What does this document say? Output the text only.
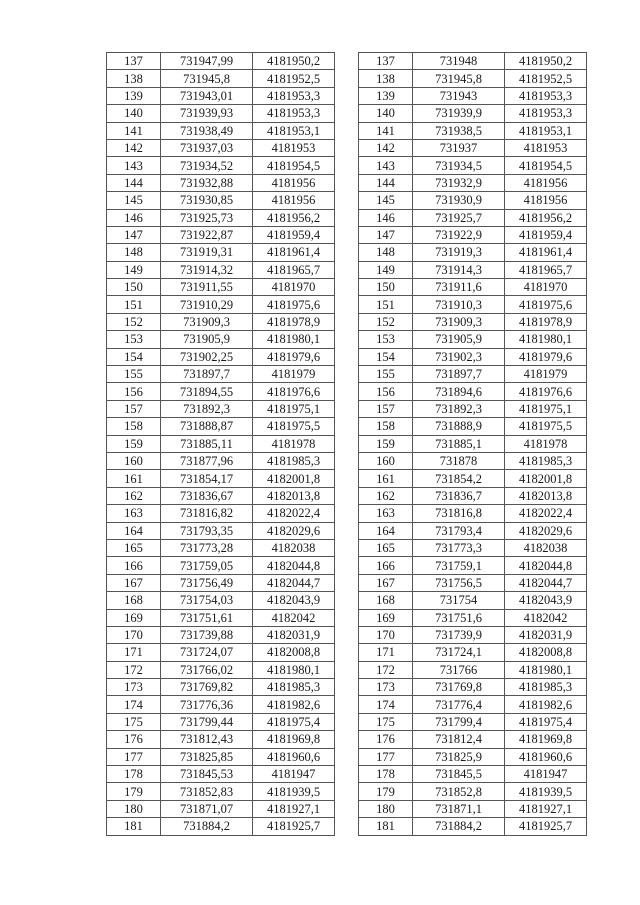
137	731947,99	4181950,2		137	731948	4181950,2
138	731945,8	4181952,5		138	731945,8	4181952,5
139	731943,01	4181953,3		139	731943	4181953,3
140	731939,93	4181953,3		140	731939,9	4181953,3
141	731938,49	4181953,1		141	731938,5	4181953,1
142	731937,03	4181953		142	731937	4181953
143	731934,52	4181954,5		143	731934,5	4181954,5
144	731932,88	4181956		144	731932,9	4181956
145	731930,85	4181956		145	731930,9	4181956
146	731925,73	4181956,2		146	731925,7	4181956,2
147	731922,87	4181959,4		147	731922,9	4181959,4
148	731919,31	4181961,4		148	731919,3	4181961,4
149	731914,32	4181965,7		149	731914,3	4181965,7
150	731911,55	4181970		150	731911,6	4181970
151	731910,29	4181975,6		151	731910,3	4181975,6
152	731909,3	4181978,9		152	731909,3	4181978,9
153	731905,9	4181980,1		153	731905,9	4181980,1
154	731902,25	4181979,6		154	731902,3	4181979,6
155	731897,7	4181979		155	731897,7	4181979
156	731894,55	4181976,6		156	731894,6	4181976,6
157	731892,3	4181975,1		157	731892,3	4181975,1
158	731888,87	4181975,5		158	731888,9	4181975,5
159	731885,11	4181978		159	731885,1	4181978
160	731877,96	4181985,3		160	731878	4181985,3
161	731854,17	4182001,8		161	731854,2	4182001,8
162	731836,67	4182013,8		162	731836,7	4182013,8
163	731816,82	4182022,4		163	731816,8	4182022,4
164	731793,35	4182029,6		164	731793,4	4182029,6
165	731773,28	4182038		165	731773,3	4182038
166	731759,05	4182044,8		166	731759,1	4182044,8
167	731756,49	4182044,7		167	731756,5	4182044,7
168	731754,03	4182043,9		168	731754	4182043,9
169	731751,61	4182042		169	731751,6	4182042
170	731739,88	4182031,9		170	731739,9	4182031,9
171	731724,07	4182008,8		171	731724,1	4182008,8
172	731766,02	4181980,1		172	731766	4181980,1
173	731769,82	4181985,3		173	731769,8	4181985,3
174	731776,36	4181982,6		174	731776,4	4181982,6
175	731799,44	4181975,4		175	731799,4	4181975,4
176	731812,43	4181969,8		176	731812,4	4181969,8
177	731825,85	4181960,6		177	731825,9	4181960,6
178	731845,53	4181947		178	731845,5	4181947
179	731852,83	4181939,5		179	731852,8	4181939,5
180	731871,07	4181927,1		180	731871,1	4181927,1
181	731884,2	4181925,7		181	731884,2	4181925,7
